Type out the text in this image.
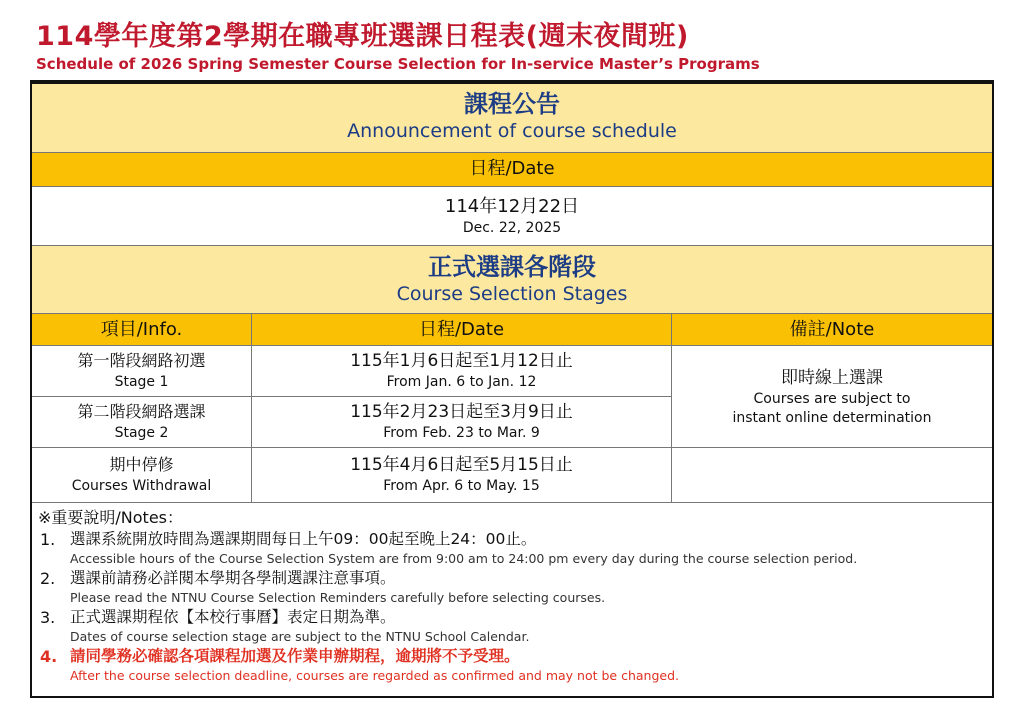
114學年度第2學期在職專班選課日程表(週末夜間班)
Schedule of 2026 Spring Semester Course Selection for In-service Master’s Programs
課程公告
Announcement of course schedule
日程/Date
114年12月22日
Dec. 22, 2025
正式選課各階段
Course Selection Stages
項目/Info.	日程/Date	備註/Note
第一階段網路初選
Stage 1
115年1月6日起至1月12日止
From Jan. 6 to Jan. 12
第二階段網路選課
Stage 2
115年2月23日起至3月9日止
From Feb. 23 to Mar. 9
即時線上選課
Courses are subject to
instant online determination
期中停修
Courses Withdrawal
115年4月6日起至5月15日止
From Apr. 6 to May. 15
※重要說明/Notes：
1. 選課系統開放時間為選課期間每日上午09：00起至晚上24：00止。
Accessible hours of the Course Selection System are from 9:00 am to 24:00 pm every day during the course selection period.
2. 選課前請務必詳閱本學期各學制選課注意事項。
Please read the NTNU Course Selection Reminders carefully before selecting courses.
3. 正式選課期程依【本校行事曆】表定日期為準。
Dates of course selection stage are subject to the NTNU School Calendar.
4. 請同學務必確認各項課程加選及作業申辦期程，逾期將不予受理。
After the course selection deadline, courses are regarded as confirmed and may not be changed.
